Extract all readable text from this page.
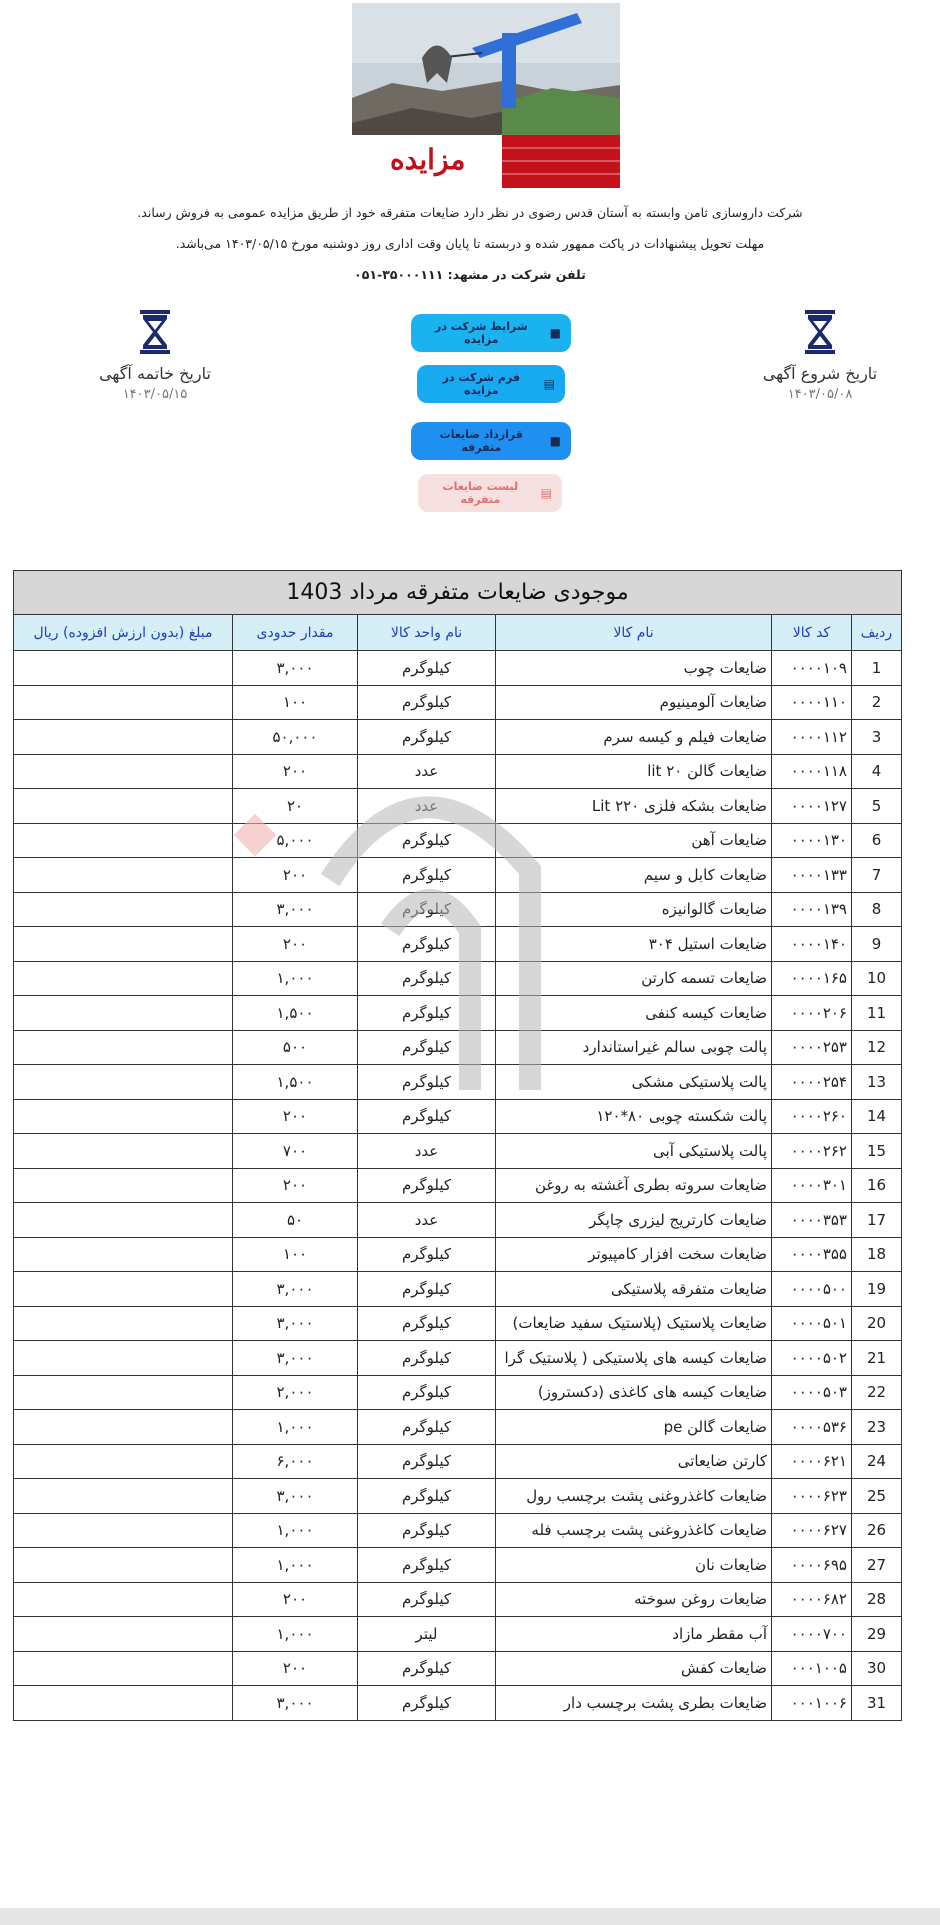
مزایده
شرکت داروسازی ثامن وابسته به آستان قدس رضوی در نظر دارد ضایعات متفرقه خود از طریق مزایده عمومی به فروش رساند.
مهلت تحویل پیشنهادات در پاکت ممهور شده و دربسته تا پایان وقت اداری روز دوشنبه مورخ ۱۴۰۳/۰۵/۱۵ می‌باشد.
تلفن شرکت در مشهد: ۳۵۰۰۰۱۱۱-۰۵۱
تاریخ شروع آگهی
۱۴۰۳/۰۵/۰۸
تاریخ خاتمه آگهی
۱۴۰۳/۰۵/۱۵
■
شرایط شرکت در مزایده
▤
فرم شرکت در مزایده
■
قرارداد ضایعات متفرقه
▤
لیست ضایعات متفرقه
موجودی ضایعات متفرقه مرداد 1403					
ردیف	کد کالا	نام کالا	نام واحد کالا	مقدار حدودی	مبلغ (بدون ارزش افزوده) ریال
1	۰۰۰۰۱۰۹	ضایعات چوب	کیلوگرم	۳,۰۰۰	
2	۰۰۰۰۱۱۰	ضایعات آلومینیوم	کیلوگرم	۱۰۰	
3	۰۰۰۰۱۱۲	ضایعات فیلم و کیسه سرم	کیلوگرم	۵۰,۰۰۰	
4	۰۰۰۰۱۱۸	ضایعات گالن ۲۰ lit	عدد	۲۰۰	
5	۰۰۰۰۱۲۷	ضایعات بشکه فلزی ۲۲۰ Lit	عدد	۲۰	
6	۰۰۰۰۱۳۰	ضایعات آهن	کیلوگرم	۵,۰۰۰	
7	۰۰۰۰۱۳۳	ضایعات کابل و سیم	کیلوگرم	۲۰۰	
8	۰۰۰۰۱۳۹	ضایعات گالوانیزه	کیلوگرم	۳,۰۰۰	
9	۰۰۰۰۱۴۰	ضایعات استیل ۳۰۴	کیلوگرم	۲۰۰	
10	۰۰۰۰۱۶۵	ضایعات تسمه کارتن	کیلوگرم	۱,۰۰۰	
11	۰۰۰۰۲۰۶	ضایعات کیسه کنفی	کیلوگرم	۱,۵۰۰	
12	۰۰۰۰۲۵۳	پالت چوبی سالم غیراستاندارد	کیلوگرم	۵۰۰	
13	۰۰۰۰۲۵۴	پالت پلاستیکی مشکی	کیلوگرم	۱,۵۰۰	
14	۰۰۰۰۲۶۰	پالت شکسته چوبی ۸۰*۱۲۰	کیلوگرم	۲۰۰	
15	۰۰۰۰۲۶۲	پالت پلاستیکی آبی	عدد	۷۰۰	
16	۰۰۰۰۳۰۱	ضایعات سروته بطری آغشته به روغن	کیلوگرم	۲۰۰	
17	۰۰۰۰۳۵۳	ضایعات کارتریج لیزری چاپگر	عدد	۵۰	
18	۰۰۰۰۳۵۵	ضایعات سخت افزار کامپیوتر	کیلوگرم	۱۰۰	
19	۰۰۰۰۵۰۰	ضایعات متفرقه پلاستیکی	کیلوگرم	۳,۰۰۰	
20	۰۰۰۰۵۰۱	ضایعات پلاستیک (پلاستیک سفید ضایعات)	کیلوگرم	۳,۰۰۰	
21	۰۰۰۰۵۰۲	ضایعات کیسه های پلاستیکی ( پلاستیک گرا	کیلوگرم	۳,۰۰۰	
22	۰۰۰۰۵۰۳	ضایعات کیسه های کاغذی (دکستروز)	کیلوگرم	۲,۰۰۰	
23	۰۰۰۰۵۳۶	ضایعات گالن pe	کیلوگرم	۱,۰۰۰	
24	۰۰۰۰۶۲۱	کارتن ضایعاتی	کیلوگرم	۶,۰۰۰	
25	۰۰۰۰۶۲۳	ضایعات کاغذروغنی پشت برچسب رول	کیلوگرم	۳,۰۰۰	
26	۰۰۰۰۶۲۷	ضایعات کاغذروغنی پشت برچسب فله	کیلوگرم	۱,۰۰۰	
27	۰۰۰۰۶۹۵	ضایعات نان	کیلوگرم	۱,۰۰۰	
28	۰۰۰۰۶۸۲	ضایعات روغن سوخته	کیلوگرم	۲۰۰	
29	۰۰۰۰۷۰۰	آب مقطر مازاد	لیتر	۱,۰۰۰	
30	۰۰۰۱۰۰۵	ضایعات کفش	کیلوگرم	۲۰۰	
31	۰۰۰۱۰۰۶	ضایعات بطری پشت برچسب دار	کیلوگرم	۳,۰۰۰	
